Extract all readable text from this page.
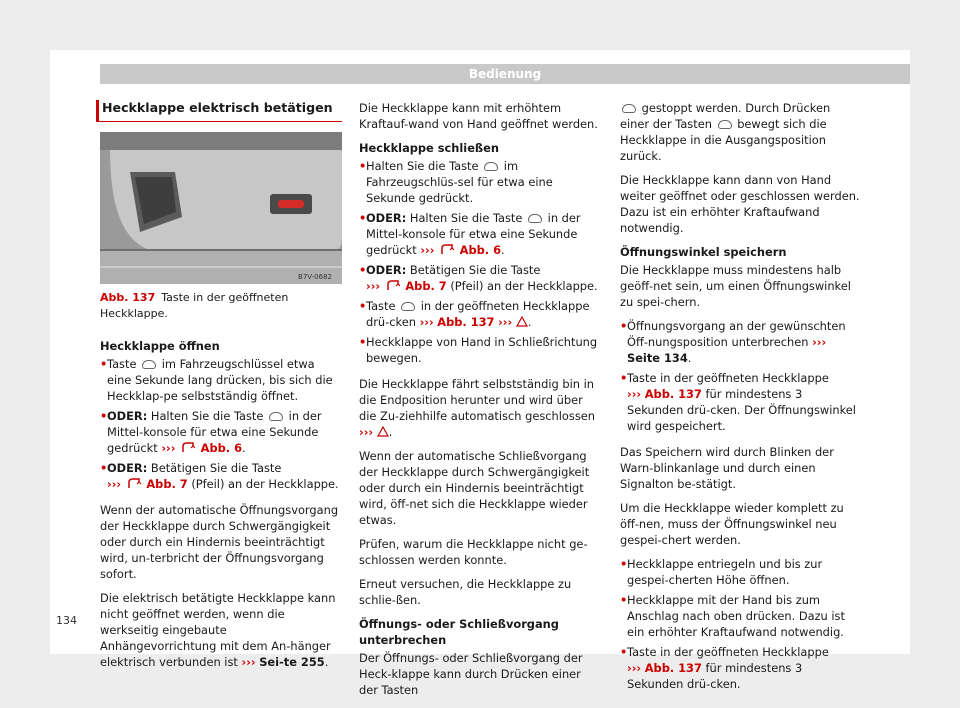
Bedienung
Heckklappe elektrisch betätigen
B7V-0682
Abb. 137 Taste in der geöffneten Heckklappe.

Heckklappe öffnen

• Taste im Fahrzeugschlüssel etwa eine Sekunde lang drücken, bis sich die Heckklap-pe selbstständig öffnet.

• ODER: Halten Sie die Taste in der Mittel-konsole für etwa eine Sekunde gedrückt ››› Abb. 6.

• ODER: Betätigen Sie die Taste
››› Abb. 7 (Pfeil) an der Heckklappe.

Wenn der automatische Öffnungsvorgang der Heckklappe durch Schwergängigkeit oder durch ein Hindernis beeinträchtigt wird, un-terbricht der Öffnungsvorgang sofort.

Die elektrisch betätigte Heckklappe kann nicht geöffnet werden, wenn die werkseitig eingebaute Anhängevorrichtung mit dem An-hänger elektrisch verbunden ist ››› Sei-te 255.

Die Heckklappe kann mit erhöhtem Kraftauf-wand von Hand geöffnet werden.

Heckklappe schließen

• Halten Sie die Taste im Fahrzeugschlüs-sel für etwa eine Sekunde gedrückt.

• ODER: Halten Sie die Taste in der Mittel-konsole für etwa eine Sekunde gedrückt ››› Abb. 6.

• ODER: Betätigen Sie die Taste
››› Abb. 7 (Pfeil) an der Heckklappe.

• Taste in der geöffneten Heckklappe drü-cken ››› Abb. 137 ››› .

• Heckklappe von Hand in Schließrichtung bewegen.

Die Heckklappe fährt selbstständig bin in die Endposition herunter und wird über die Zu-ziehhilfe automatisch geschlossen ››› .

Wenn der automatische Schließvorgang der Heckklappe durch Schwergängigkeit oder durch ein Hindernis beeinträchtigt wird, öff-net sich die Heckklappe wieder etwas.

Prüfen, warum die Heckklappe nicht ge-schlossen werden konnte.

Erneut versuchen, die Heckklappe zu schlie-ßen.

Öffnungs- oder Schließvorgang unterbrechen

Der Öffnungs- oder Schließvorgang der Heck-klappe kann durch Drücken einer der Tasten

gestoppt werden. Durch Drücken einer der Tasten bewegt sich die Heckklappe in die Ausgangsposition zurück.

Die Heckklappe kann dann von Hand weiter geöffnet oder geschlossen werden. Dazu ist ein erhöhter Kraftaufwand notwendig.

Öffnungswinkel speichern

Die Heckklappe muss mindestens halb geöff-net sein, um einen Öffnungswinkel zu spei-chern.

• Öffnungsvorgang an der gewünschten Öff-nungsposition unterbrechen ››› Seite 134.

• Taste in der geöffneten Heckklappe
››› Abb. 137 für mindestens 3 Sekunden drü-cken. Der Öffnungswinkel wird gespeichert.

Das Speichern wird durch Blinken der Warn-blinkanlage und durch einen Signalton be-stätigt.

Um die Heckklappe wieder komplett zu öff-nen, muss der Öffnungswinkel neu gespei-chert werden.

• Heckklappe entriegeln und bis zur gespei-cherten Höhe öffnen.

• Heckklappe mit der Hand bis zum Anschlag nach oben drücken. Dazu ist ein erhöhter Kraftaufwand notwendig.

• Taste in der geöffneten Heckklappe
››› Abb. 137 für mindestens 3 Sekunden drü-cken.

134
